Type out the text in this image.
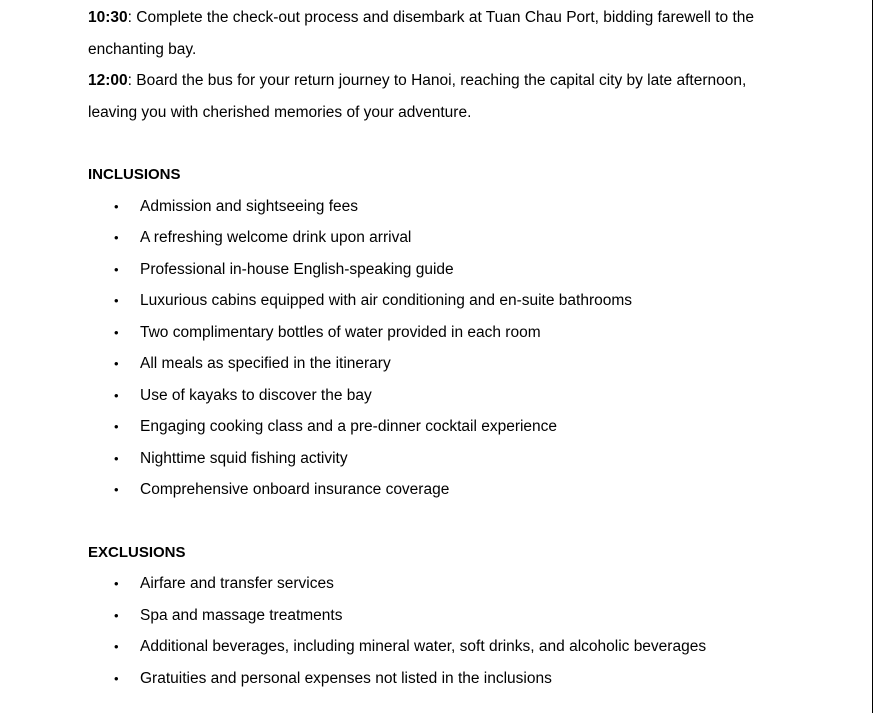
10:30: Complete the check-out process and disembark at Tuan Chau Port, bidding farewell to the enchanting bay.

12:00: Board the bus for your return journey to Hanoi, reaching the capital city by late afternoon, leaving you with cherished memories of your adventure.

INCLUSIONS
• Admission and sightseeing fees
• A refreshing welcome drink upon arrival
• Professional in-house English-speaking guide
• Luxurious cabins equipped with air conditioning and en-suite bathrooms
• Two complimentary bottles of water provided in each room
• All meals as specified in the itinerary
• Use of kayaks to discover the bay
• Engaging cooking class and a pre-dinner cocktail experience
• Nighttime squid fishing activity
• Comprehensive onboard insurance coverage
EXCLUSIONS
• Airfare and transfer services
• Spa and massage treatments
• Additional beverages, including mineral water, soft drinks, and alcoholic beverages
• Gratuities and personal expenses not listed in the inclusions
